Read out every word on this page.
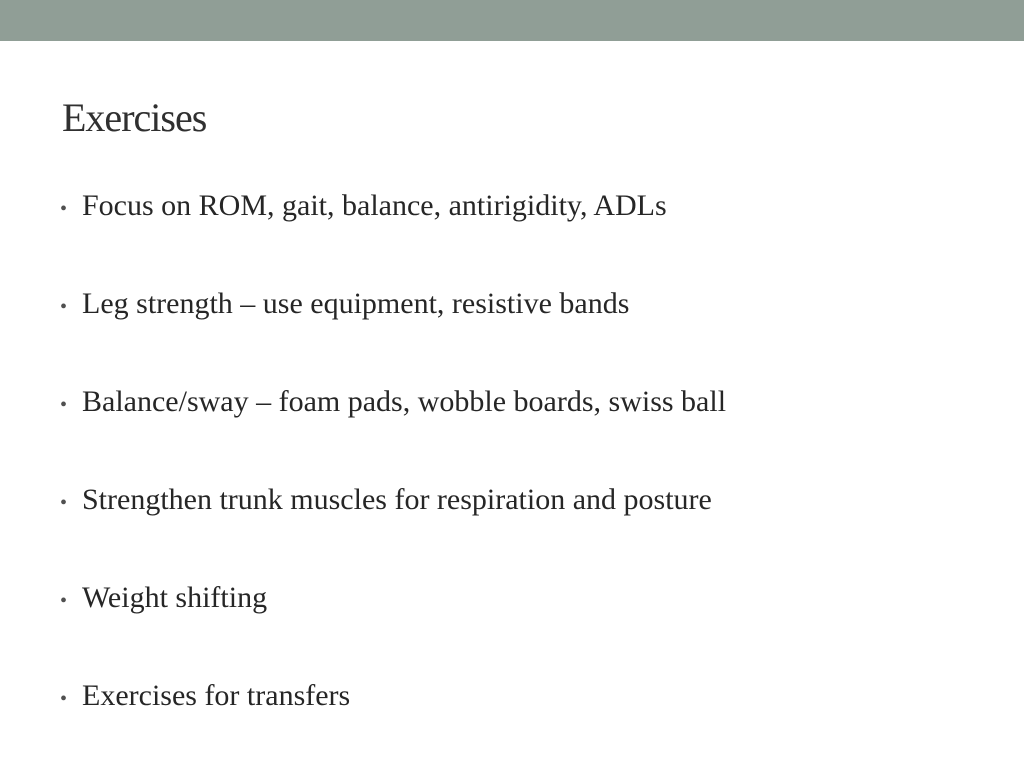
Exercises
• Focus on ROM, gait, balance, antirigidity, ADLs
• Leg strength – use equipment, resistive bands
• Balance/sway – foam pads, wobble boards, swiss ball
• Strengthen trunk muscles for respiration and posture
• Weight shifting
• Exercises for transfers
